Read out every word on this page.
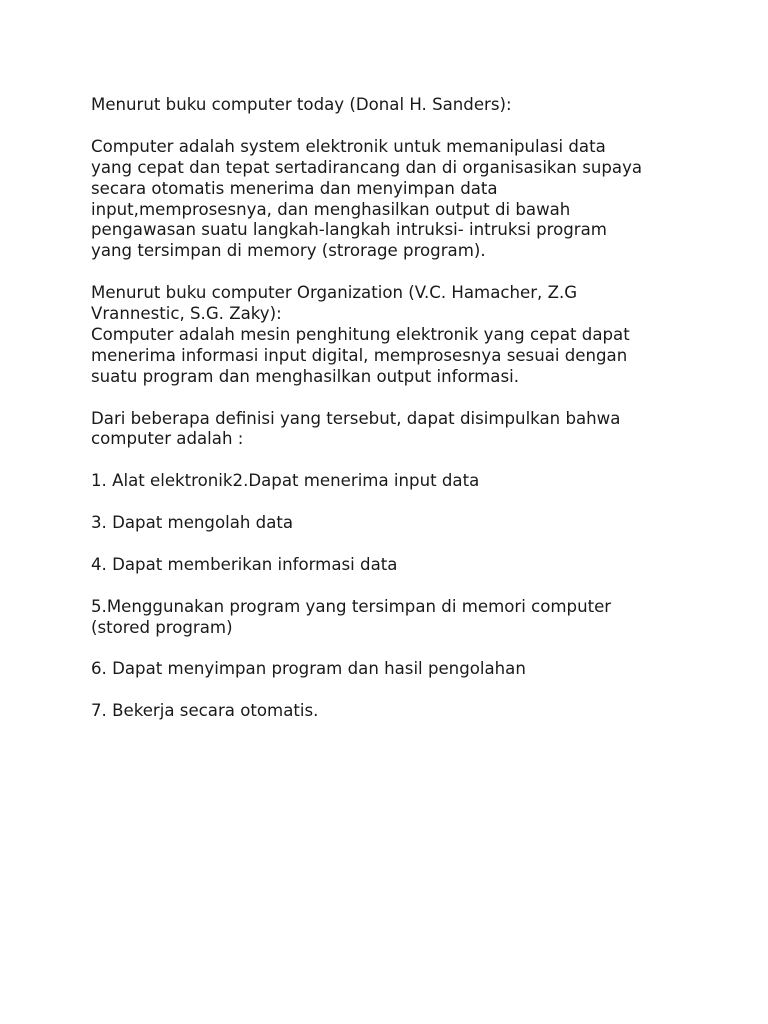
Menurut buku computer today (Donal H. Sanders):
Computer adalah system elektronik untuk memanipulasi data
yang cepat dan tepat sertadirancang dan di organisasikan supaya
secara otomatis menerima dan menyimpan data
input,memprosesnya, dan menghasilkan output di bawah
pengawasan suatu langkah-langkah intruksi- intruksi program
yang tersimpan di memory (strorage program).
Menurut buku computer Organization (V.C. Hamacher, Z.G
Vrannestic, S.G. Zaky):
Computer adalah mesin penghitung elektronik yang cepat dapat
menerima informasi input digital, memprosesnya sesuai dengan
suatu program dan menghasilkan output informasi.
Dari beberapa definisi yang tersebut, dapat disimpulkan bahwa
computer adalah :
1. Alat elektronik2.Dapat menerima input data
3. Dapat mengolah data
4. Dapat memberikan informasi data
5.Menggunakan program yang tersimpan di memori computer
(stored program)
6. Dapat menyimpan program dan hasil pengolahan
7. Bekerja secara otomatis.
